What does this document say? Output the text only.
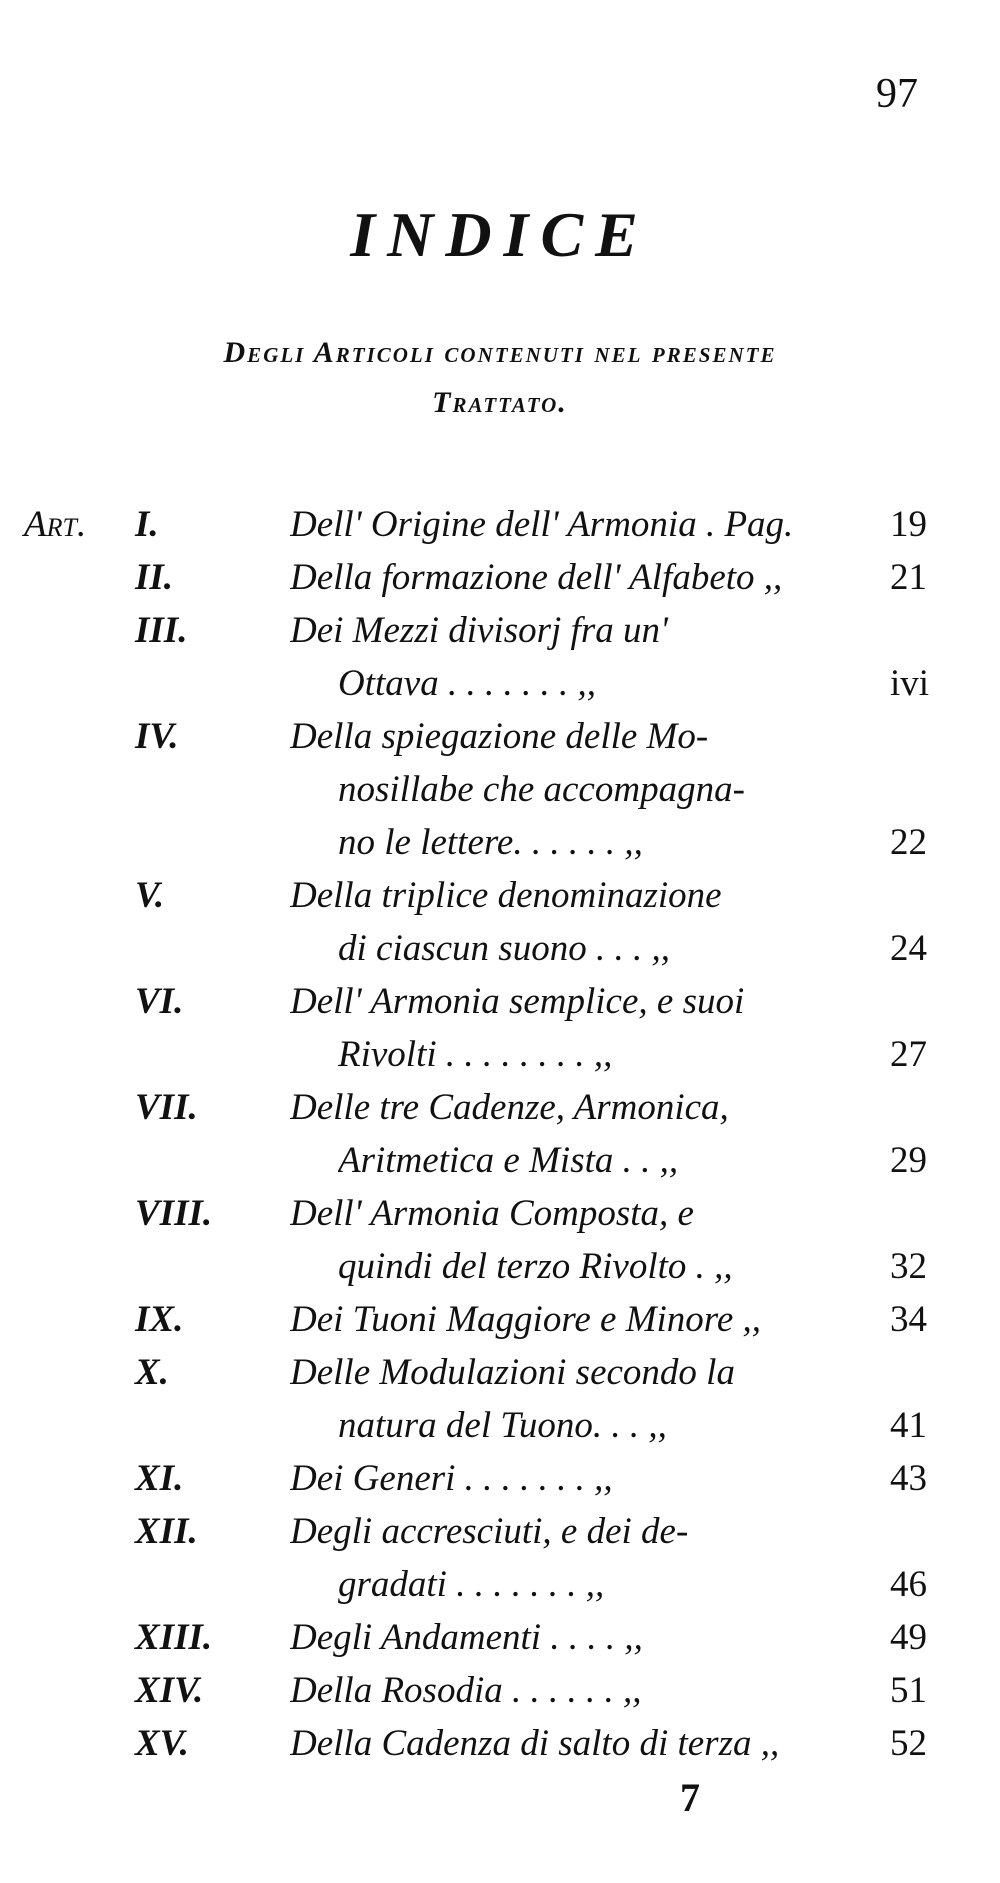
97
INDICE
Degli Articoli contenuti nel presente
Trattato.
Art. I.	Dell' Origine dell' Armonia . Pag.	19
II.	Della formazione dell' Alfabeto ,,	21
III.	Dei Mezzi divisorj fra un'
Ottava . . . . . . . ,,	ivi
IV.	Della spiegazione delle Mo-
nosillabe che accompagna-
no le lettere. . . . . . ,,	22
V.	Della triplice denominazione
di ciascun suono . . . ,,	24
VI.	Dell' Armonia semplice, e suoi
Rivolti . . . . . . . . ,,	27
VII. Delle tre Cadenze, Armonica,
Aritmetica e Mista . . ,,	29
VIII. Dell' Armonia Composta, e
quindi del terzo Rivolto . ,,	32
IX.	Dei Tuoni Maggiore e Minore ,,	34
X.	Delle Modulazioni secondo la
natura del Tuono. . . ,,	41
XI.	Dei Generi . . . . . . . ,,	43
XII. Degli accresciuti, e dei de-
gradati . . . . . . . ,,	46
XIII. Degli Andamenti . . . . ,,	49
XIV. Della Rosodia . . . . . . ,,	51
XV.	Della Cadenza di salto di terza ,,	52
7
